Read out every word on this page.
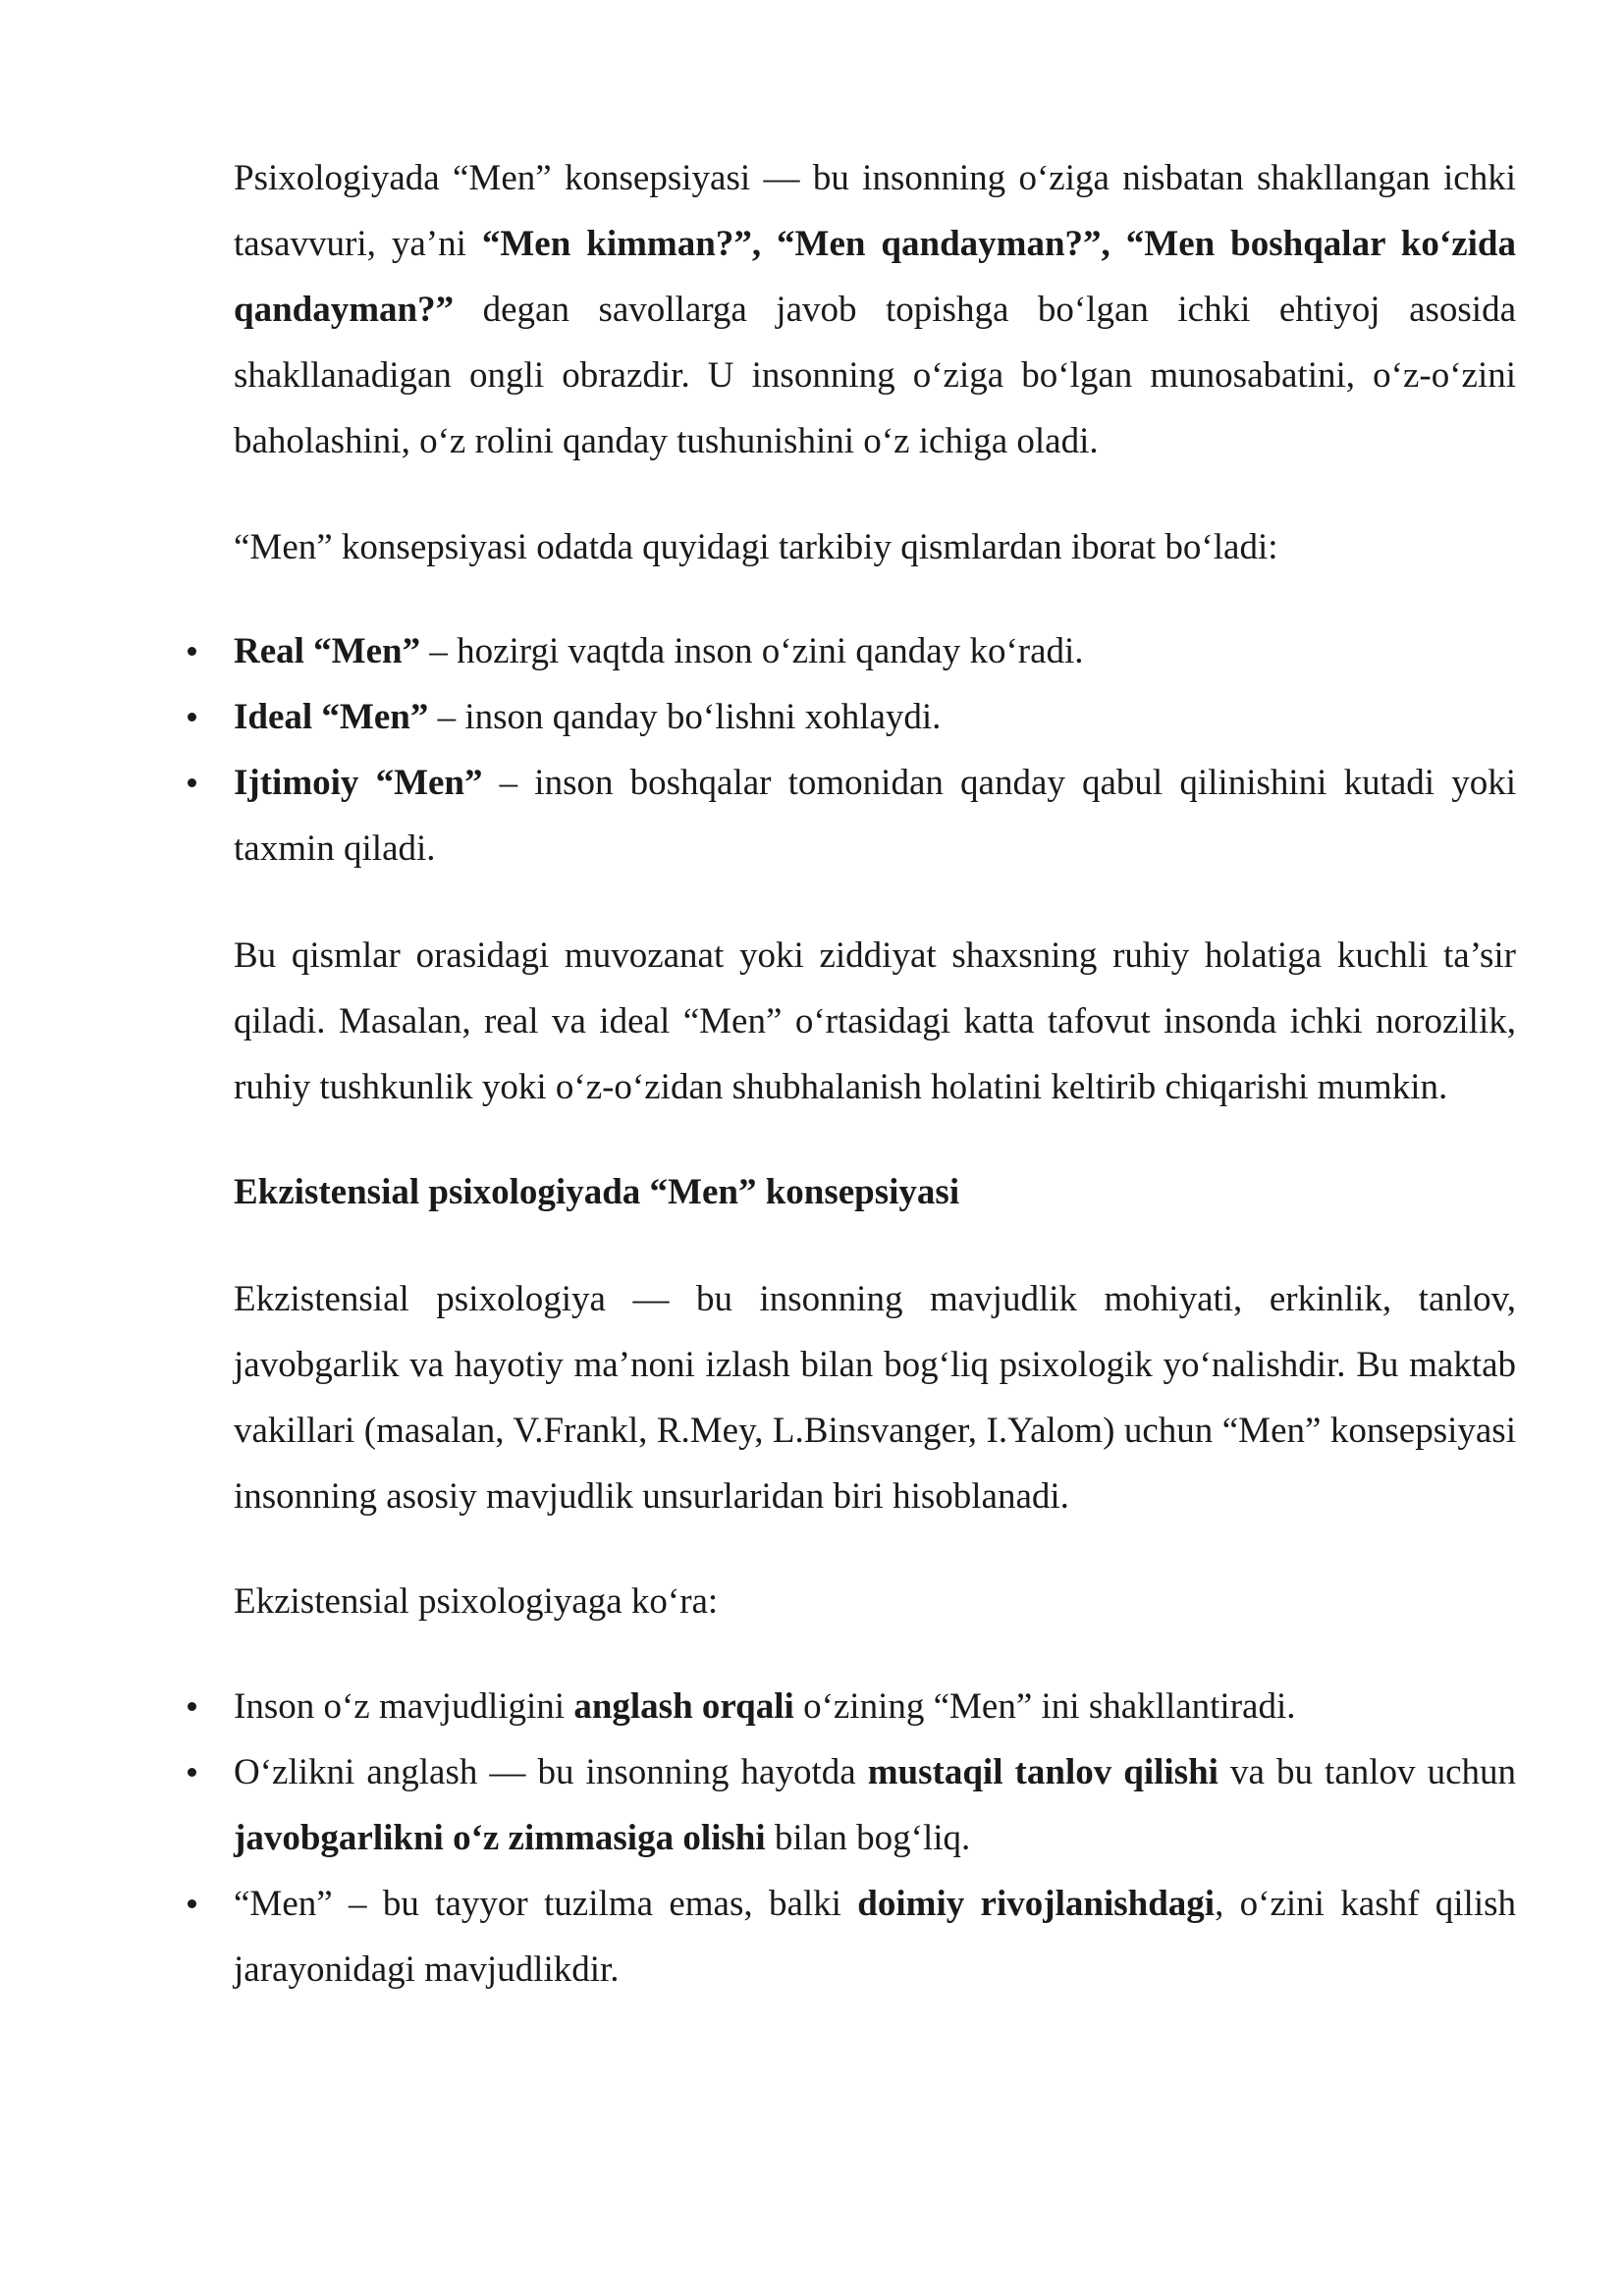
Psixologiyada “Men” konsepsiyasi — bu insonning o‘ziga nisbatan shakllangan ichki tasavvuri, ya’ni “Men kimman?”, “Men qandayman?”, “Men boshqalar ko‘zida qandayman?” degan savollarga javob topishga bo‘lgan ichki ehtiyoj asosida shakllanadigan ongli obrazdir. U insonning o‘ziga bo‘lgan munosabatini, o‘z-o‘zini baholashini, o‘z rolini qanday tushunishini o‘z ichiga oladi.

“Men” konsepsiyasi odatda quyidagi tarkibiy qismlardan iborat bo‘ladi:

Real “Men” – hozirgi vaqtda inson o‘zini qanday ko‘radi.
Ideal “Men” – inson qanday bo‘lishni xohlaydi.
Ijtimoiy “Men” – inson boshqalar tomonidan qanday qabul qilinishini kutadi yoki taxmin qiladi.

Bu qismlar orasidagi muvozanat yoki ziddiyat shaxsning ruhiy holatiga kuchli ta’sir qiladi. Masalan, real va ideal “Men” o‘rtasidagi katta tafovut insonda ichki norozilik, ruhiy tushkunlik yoki o‘z-o‘zidan shubhalanish holatini keltirib chiqarishi mumkin.

Ekzistensial psixologiyada “Men” konsepsiyasi

Ekzistensial psixologiya — bu insonning mavjudlik mohiyati, erkinlik, tanlov, javobgarlik va hayotiy ma’noni izlash bilan bog‘liq psixologik yo‘nalishdir. Bu maktab vakillari (masalan, V.Frankl, R.Mey, L.Binsvanger, I.Yalom) uchun “Men” konsepsiyasi insonning asosiy mavjudlik unsurlaridan biri hisoblanadi.

Ekzistensial psixologiyaga ko‘ra:

Inson o‘z mavjudligini anglash orqali o‘zining “Men” ini shakllantiradi.
O‘zlikni anglash — bu insonning hayotda mustaqil tanlov qilishi va bu tanlov uchun javobgarlikni o‘z zimmasiga olishi bilan bog‘liq.
“Men” – bu tayyor tuzilma emas, balki doimiy rivojlanishdagi, o‘zini kashf qilish jarayonidagi mavjudlikdir.
